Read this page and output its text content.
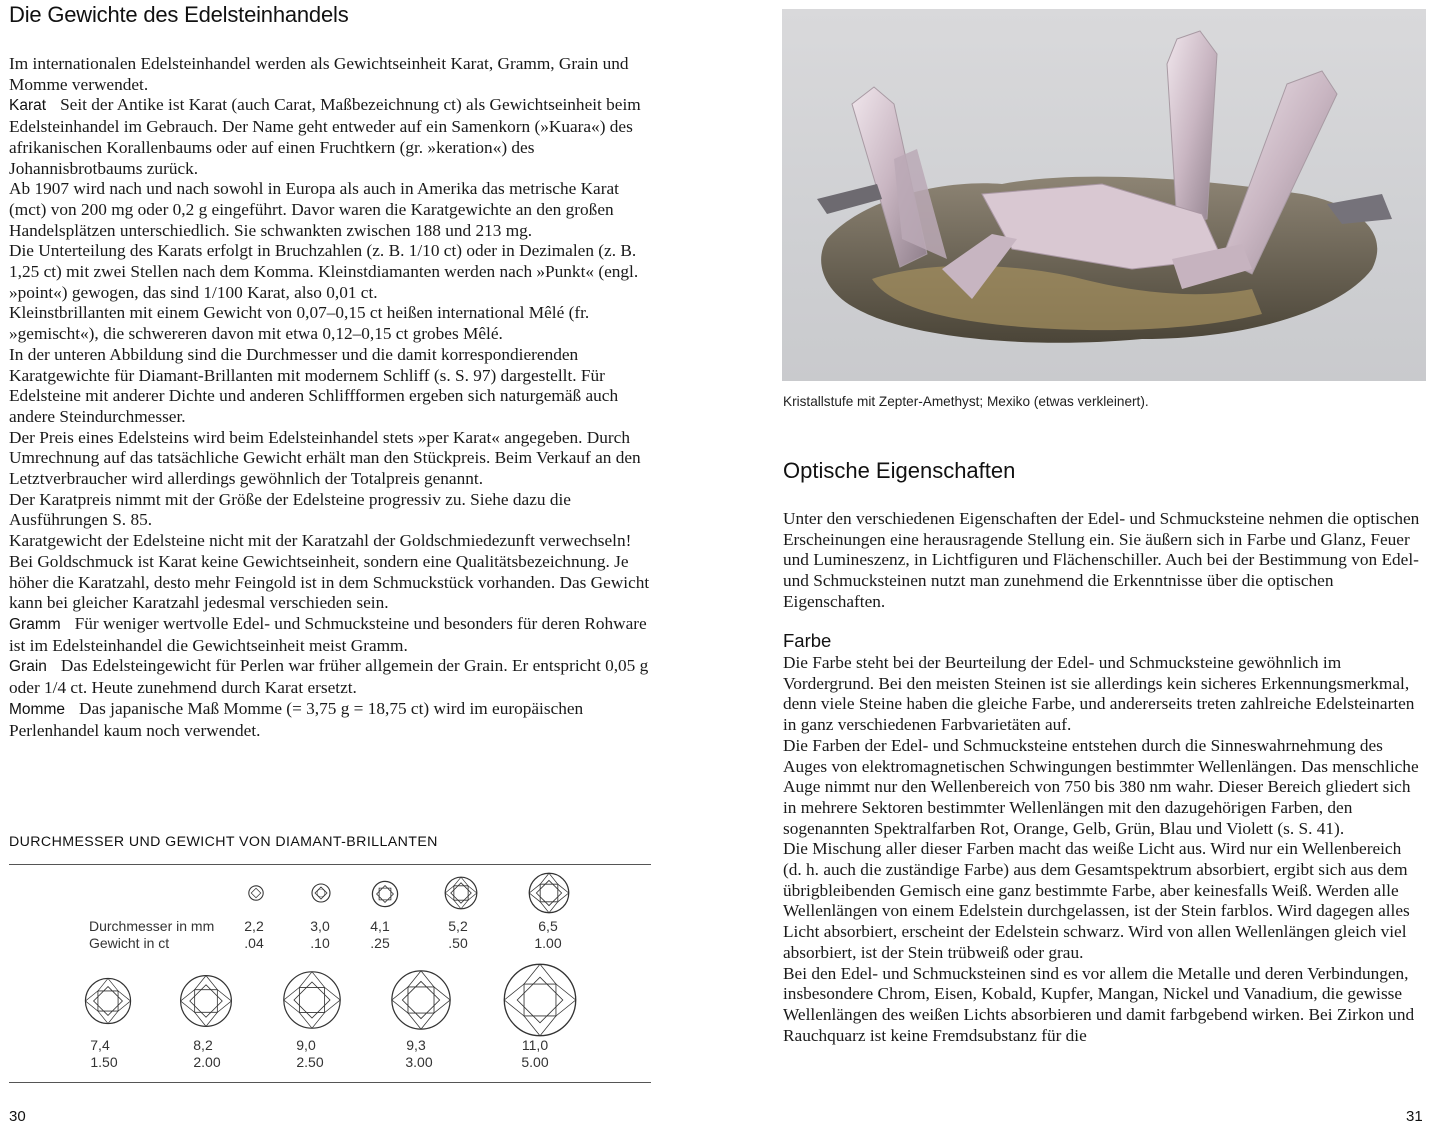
Die Gewichte des Edelsteinhandels

Im internationalen Edelsteinhandel werden als Gewichtseinheit Karat, Gramm, Grain und Momme verwendet.

Karat Seit der Antike ist Karat (auch Carat, Maßbezeichnung ct) als Gewichtseinheit beim Edelsteinhandel im Gebrauch. Der Name geht entweder auf ein Samenkorn (»Kuara«) des afrikanischen Korallenbaums oder auf einen Fruchtkern (gr. »keration«) des Johannisbrotbaums zurück.

Ab 1907 wird nach und nach sowohl in Europa als auch in Amerika das metrische Karat (mct) von 200 mg oder 0,2 g eingeführt. Davor waren die Karatgewichte an den großen Handelsplätzen unterschiedlich. Sie schwankten zwischen 188 und 213 mg.

Die Unterteilung des Karats erfolgt in Bruchzahlen (z. B. 1/10 ct) oder in Dezimalen (z. B. 1,25 ct) mit zwei Stellen nach dem Komma. Kleinstdiamanten werden nach »Punkt« (engl. »point«) gewogen, das sind 1/100 Karat, also 0,01 ct.

Kleinstbrillanten mit einem Gewicht von 0,07–0,15 ct heißen international Mêlé (fr. »gemischt«), die schwereren davon mit etwa 0,12–0,15 ct grobes Mêlé.

In der unteren Abbildung sind die Durchmesser und die damit korrespondierenden Karatgewichte für Diamant-Brillanten mit modernem Schliff (s. S. 97) dargestellt. Für Edelsteine mit anderer Dichte und anderen Schliffformen ergeben sich naturgemäß auch andere Steindurchmesser.

Der Preis eines Edelsteins wird beim Edelsteinhandel stets »per Karat« angegeben. Durch Umrechnung auf das tatsächliche Gewicht erhält man den Stückpreis. Beim Verkauf an den Letztverbraucher wird allerdings gewöhnlich der Totalpreis genannt.

Der Karatpreis nimmt mit der Größe der Edelsteine progressiv zu. Siehe dazu die Ausführungen S. 85.

Karatgewicht der Edelsteine nicht mit der Karatzahl der Goldschmiedezunft verwechseln! Bei Goldschmuck ist Karat keine Gewichtseinheit, sondern eine Qualitätsbezeichnung. Je höher die Karatzahl, desto mehr Feingold ist in dem Schmuckstück vorhanden. Das Gewicht kann bei gleicher Karatzahl jedesmal verschieden sein.

Gramm Für weniger wertvolle Edel- und Schmucksteine und besonders für deren Rohware ist im Edelsteinhandel die Gewichtseinheit meist Gramm.

Grain Das Edelsteingewicht für Perlen war früher allgemein der Grain. Er entspricht 0,05 g oder 1/4 ct. Heute zunehmend durch Karat ersetzt.

Momme Das japanische Maß Momme (= 3,75 g = 18,75 ct) wird im europäischen Perlenhandel kaum noch verwendet.

DURCHMESSER UND GEWICHT VON DIAMANT-BRILLANTEN
Durchmesser in mm
Gewicht in ct
2,2
.04
3,0
.10
4,1
.25
5,2
.50
6,5
1.00
7,4
1.50
8,2
2.00
9,0
2.50
9,3
3.00
11,0
5.00
30
Kristallstufe mit Zepter-Amethyst; Mexiko (etwas verkleinert).
Optische Eigenschaften

Unter den verschiedenen Eigenschaften der Edel- und Schmucksteine nehmen die optischen Erscheinungen eine herausragende Stellung ein. Sie äußern sich in Farbe und Glanz, Feuer und Lumineszenz, in Lichtfiguren und Flächenschiller. Auch bei der Bestimmung von Edel- und Schmucksteinen nutzt man zunehmend die Erkenntnisse über die optischen Eigenschaften.

Farbe

Die Farbe steht bei der Beurteilung der Edel- und Schmucksteine gewöhnlich im Vordergrund. Bei den meisten Steinen ist sie allerdings kein sicheres Erkennungsmerkmal, denn viele Steine haben die gleiche Farbe, und andererseits treten zahlreiche Edelsteinarten in ganz verschiedenen Farbvarietäten auf.

Die Farben der Edel- und Schmucksteine entstehen durch die Sinneswahrnehmung des Auges von elektromagnetischen Schwingungen bestimmter Wellenlängen. Das menschliche Auge nimmt nur den Wellenbereich von 750 bis 380 nm wahr. Dieser Bereich gliedert sich in mehrere Sektoren bestimmter Wellenlängen mit den dazugehörigen Farben, den sogenannten Spektralfarben Rot, Orange, Gelb, Grün, Blau und Violett (s. S. 41).

Die Mischung aller dieser Farben macht das weiße Licht aus. Wird nur ein Wellenbereich (d. h. auch die zuständige Farbe) aus dem Gesamtspektrum absorbiert, ergibt sich aus dem übrigbleibenden Gemisch eine ganz bestimmte Farbe, aber keinesfalls Weiß. Werden alle Wellenlängen von einem Edelstein durchgelassen, ist der Stein farblos. Wird dagegen alles Licht absorbiert, erscheint der Edelstein schwarz. Wird von allen Wellenlängen gleich viel absorbiert, ist der Stein trübweiß oder grau.

Bei den Edel- und Schmucksteinen sind es vor allem die Metalle und deren Verbindungen, insbesondere Chrom, Eisen, Kobald, Kupfer, Mangan, Nickel und Vanadium, die gewisse Wellenlängen des weißen Lichts absorbieren und damit farbgebend wirken. Bei Zirkon und Rauchquarz ist keine Fremdsubstanz für die

31
